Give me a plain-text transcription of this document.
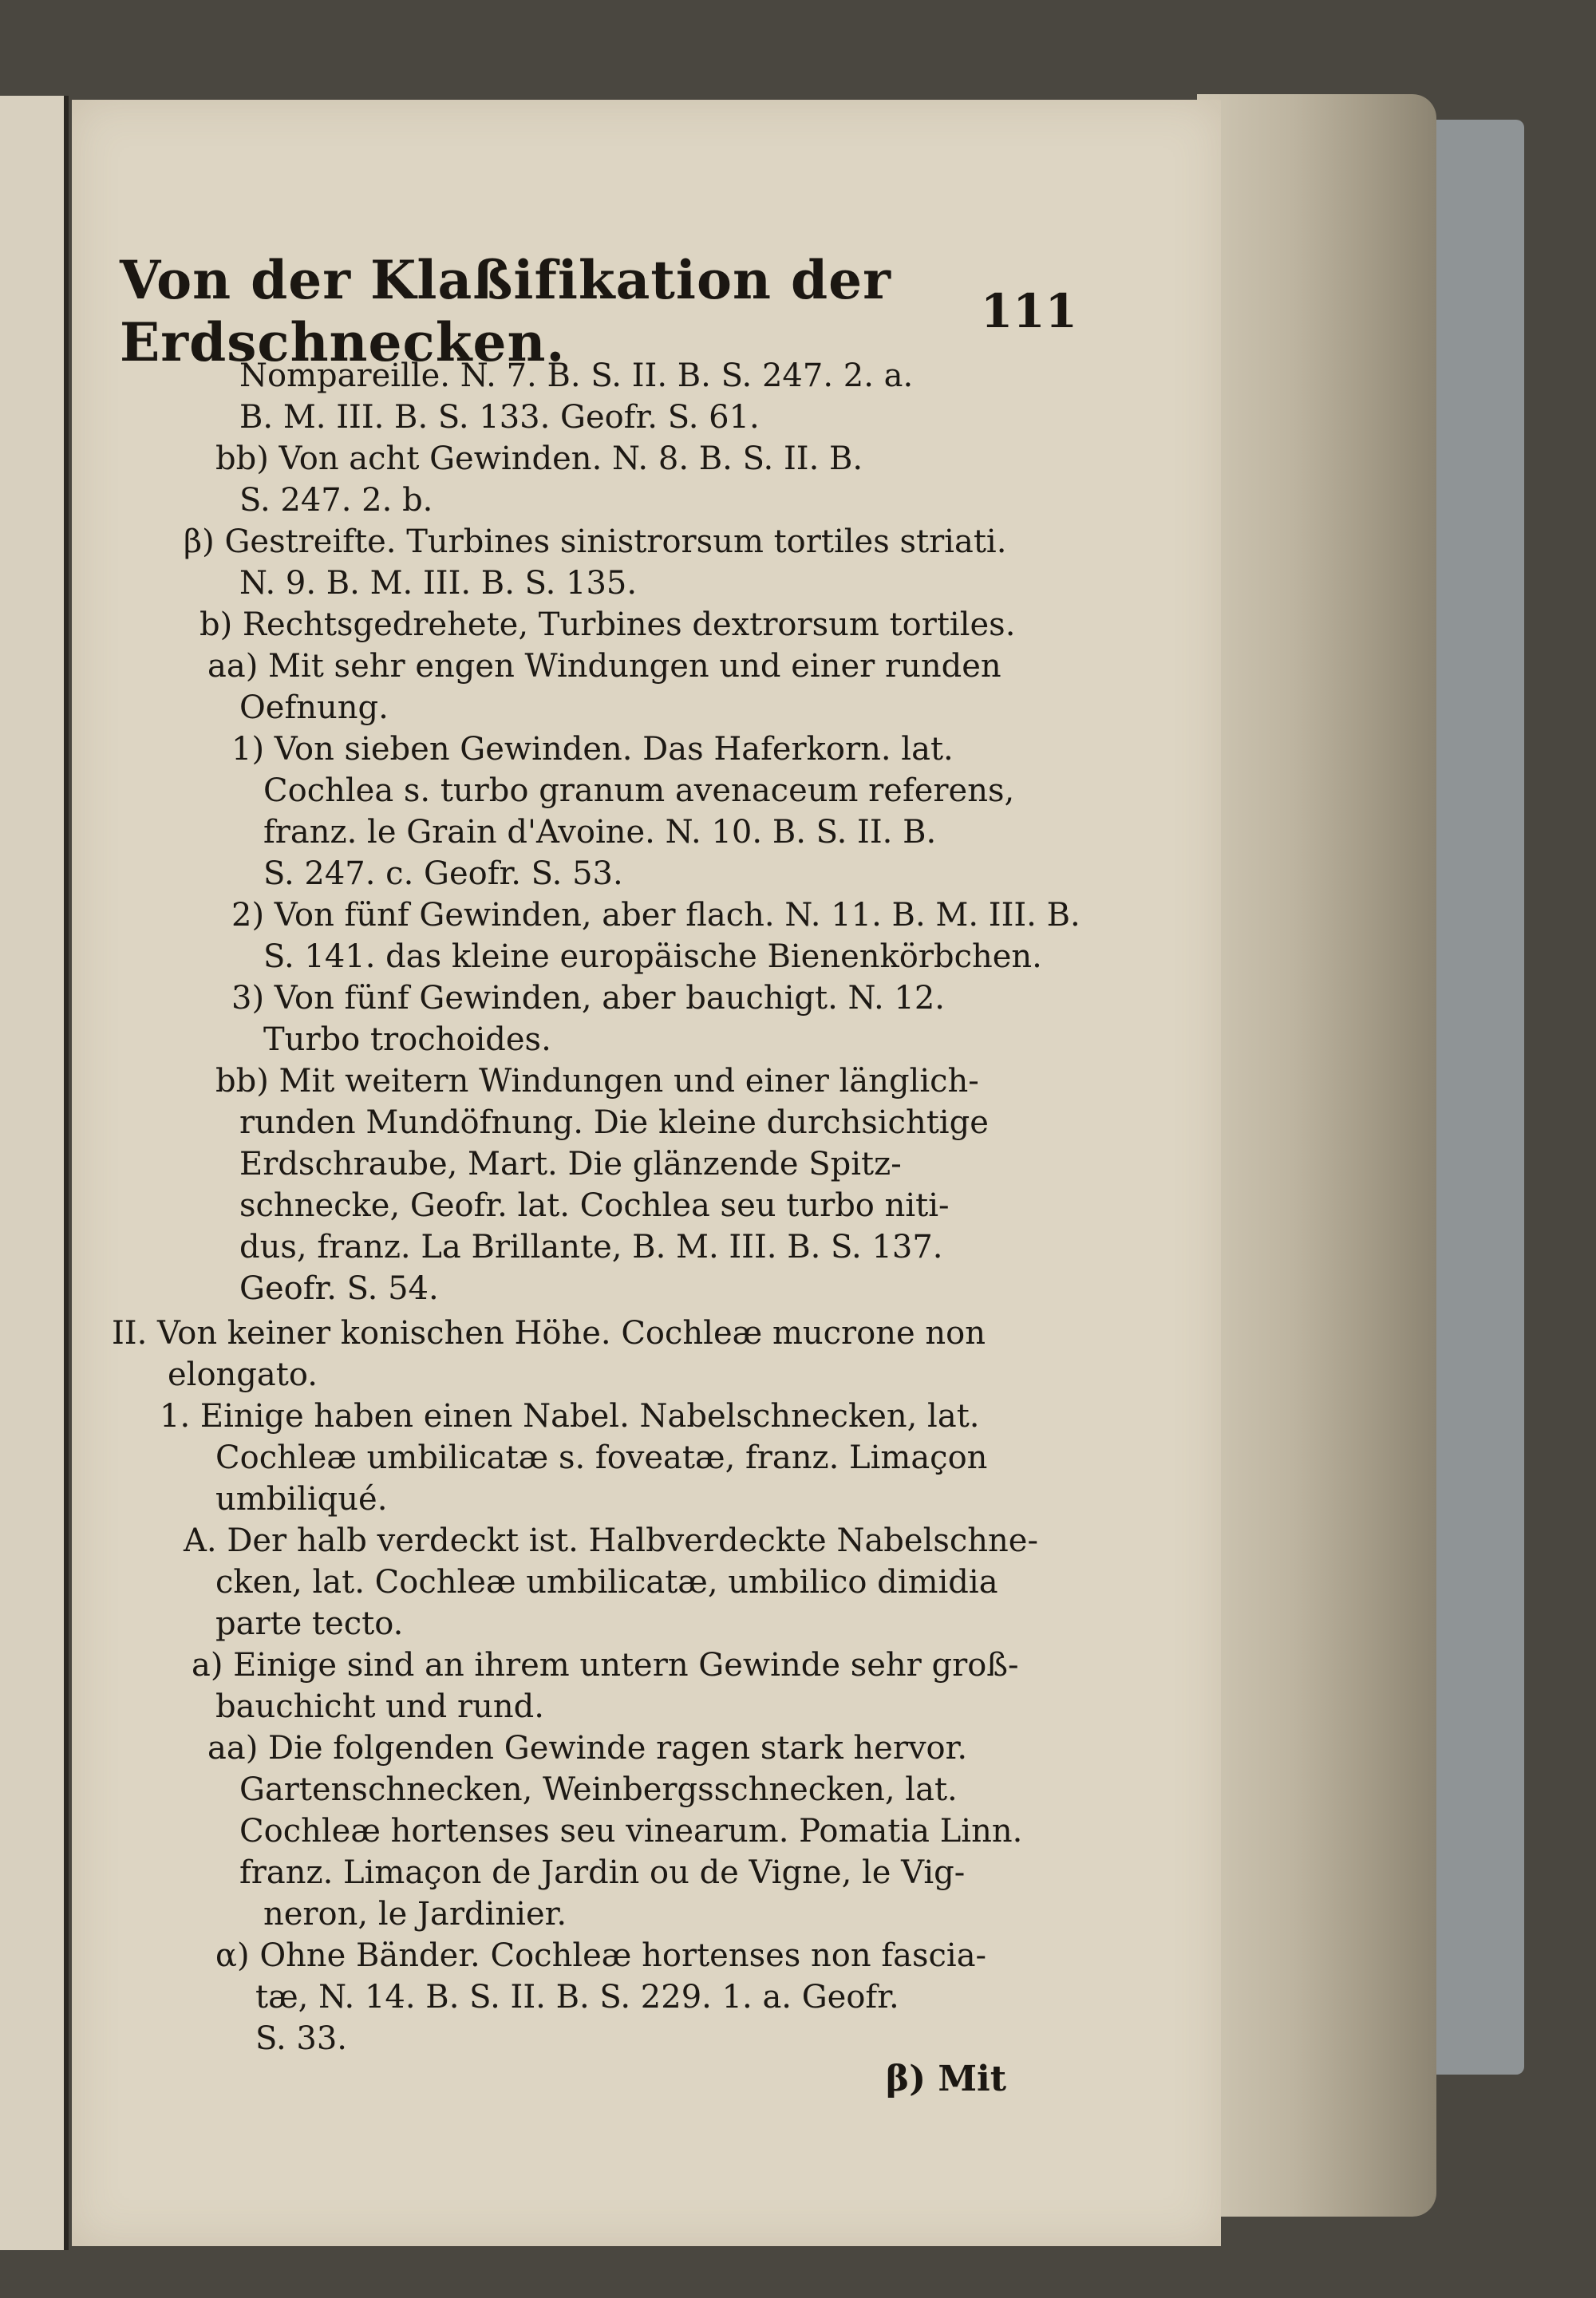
Von der Klaßifikation der Erdschnecken.	111
Nompareille. N. 7. B. S. II. B. S. 247. 2. a.
B. M. III. B. S. 133. Geofr. S. 61.
bb) Von acht Gewinden. N. 8. B. S. II. B.
S. 247. 2. b.
β) Gestreifte. Turbines sinistrorsum tortiles striati.
N. 9. B. M. III. B. S. 135.
b) Rechtsgedrehete, Turbines dextrorsum tortiles.
aa) Mit sehr engen Windungen und einer runden
Oefnung.
1) Von sieben Gewinden. Das Haferkorn. lat.
Cochlea s. turbo granum avenaceum referens,
franz. le Grain d'Avoine. N. 10. B. S. II. B.
S. 247. c. Geofr. S. 53.
2) Von fünf Gewinden, aber flach. N. 11. B. M. III. B.
S. 141. das kleine europäische Bienenkörbchen.
3) Von fünf Gewinden, aber bauchigt. N. 12.
Turbo trochoides.
bb) Mit weitern Windungen und einer länglich-
runden Mundöfnung. Die kleine durchsichtige
Erdschraube, Mart. Die glänzende Spitz-
schnecke, Geofr. lat. Cochlea seu turbo niti-
dus, franz. La Brillante, B. M. III. B. S. 137.
Geofr. S. 54.
II. Von keiner konischen Höhe. Cochleæ mucrone non
elongato.
1. Einige haben einen Nabel. Nabelschnecken, lat.
Cochleæ umbilicatæ s. foveatæ, franz. Limaçon
umbiliqué.
A. Der halb verdeckt ist. Halbverdeckte Nabelschne-
cken, lat. Cochleæ umbilicatæ, umbilico dimidia
parte tecto.
a) Einige sind an ihrem untern Gewinde sehr groß-
bauchicht und rund.
aa) Die folgenden Gewinde ragen stark hervor.
Gartenschnecken, Weinbergsschnecken, lat.
Cochleæ hortenses seu vinearum. Pomatia Linn.
franz. Limaçon de Jardin ou de Vigne, le Vig-
neron, le Jardinier.
α) Ohne Bänder. Cochleæ hortenses non fascia-
tæ, N. 14. B. S. II. B. S. 229. 1. a. Geofr.
S. 33.
β) Mit
